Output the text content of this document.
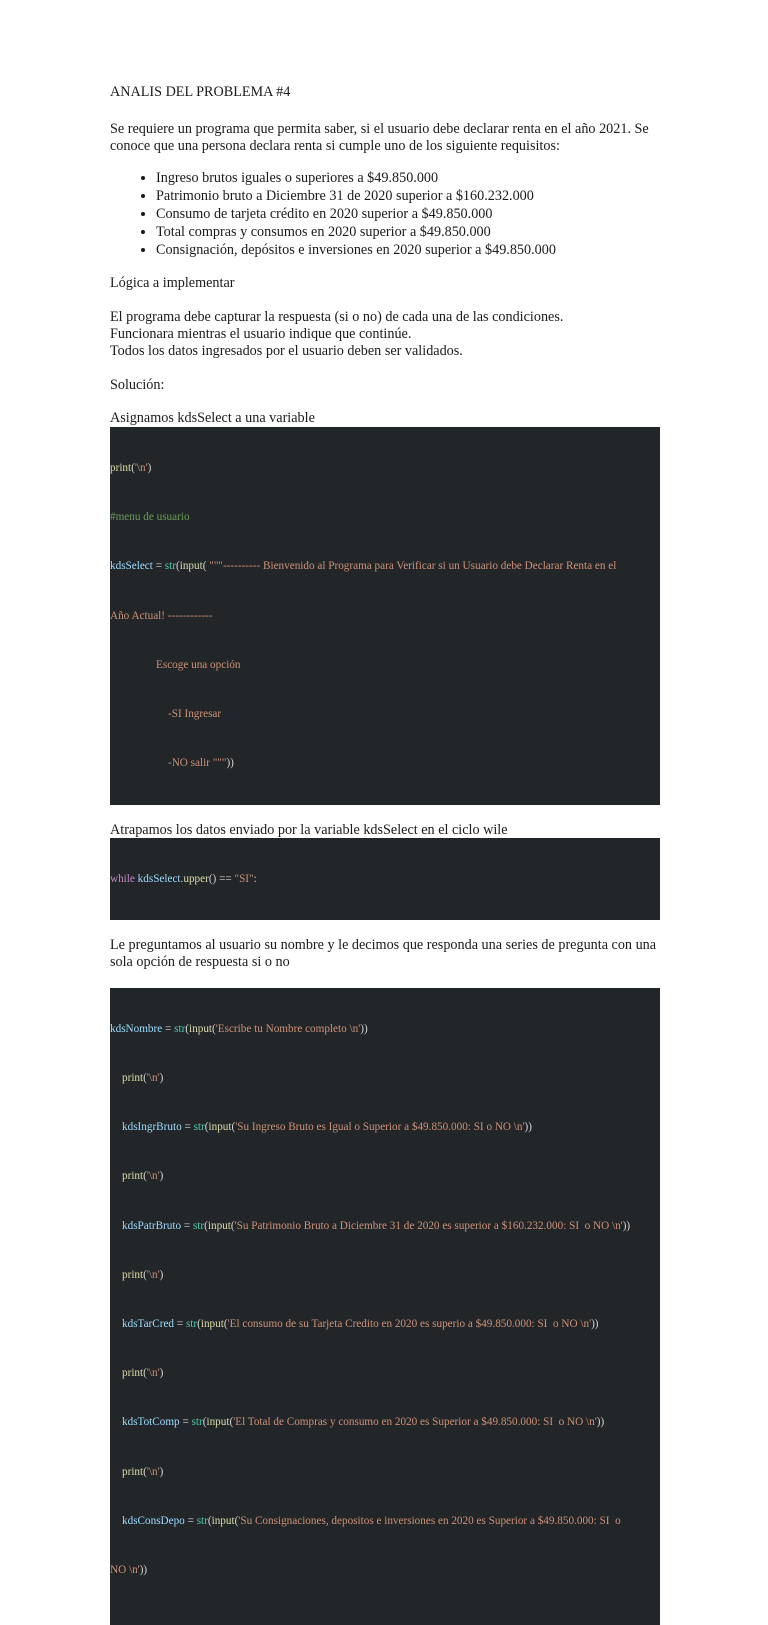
ANALIS DEL PROBLEMA #4

Se requiere un programa que permita saber, si el usuario debe declarar renta en el año 2021. Se conoce que una persona declara renta si cumple uno de los siguiente requisitos:

• Ingreso brutos iguales o superiores a $49.850.000
• Patrimonio bruto a Diciembre 31 de 2020 superior a $160.232.000
• Consumo de tarjeta crédito en 2020 superior a $49.850.000
• Total compras y consumos en 2020 superior a $49.850.000
• Consignación, depósitos e inversiones en 2020 superior a $49.850.000

Lógica a implementar

El programa debe capturar la respuesta (si o no) de cada una de las condiciones.

Funcionara mientras el usuario indique que continúe.

Todos los datos ingresados por el usuario deben ser validados.

Solución:

Asignamos kdsSelect a una variable

print('\n')

#menu de usuario

kdsSelect = str(input( """---------- Bienvenido al Programa para Verificar si un Usuario debe Declarar Renta en el

Año Actual! ------------

Escoge una opción

-SI Ingresar

-NO salir """))

Atrapamos los datos enviado por la variable kdsSelect en el ciclo wile

while kdsSelect.upper() == "SI":

Le preguntamos al usuario su nombre y le decimos que responda una series de pregunta con una sola opción de respuesta si o no

kdsNombre = str(input('Escribe tu Nombre completo \n'))

print('\n')

kdsIngrBruto = str(input('Su Ingreso Bruto es Igual o Superior a $49.850.000: SI o NO \n'))

print('\n')

kdsPatrBruto = str(input('Su Patrimonio Bruto a Diciembre 31 de 2020 es superior a $160.232.000: SI  o NO \n'))

print('\n')

kdsTarCred = str(input('El consumo de su Tarjeta Credito en 2020 es superio a $49.850.000: SI  o NO \n'))

print('\n')

kdsTotComp = str(input('El Total de Compras y consumo en 2020 es Superior a $49.850.000: SI  o NO \n'))

print('\n')

kdsConsDepo = str(input('Su Consignaciones, depositos e inversiones en 2020 es Superior a $49.850.000: SI  o

NO \n'))
